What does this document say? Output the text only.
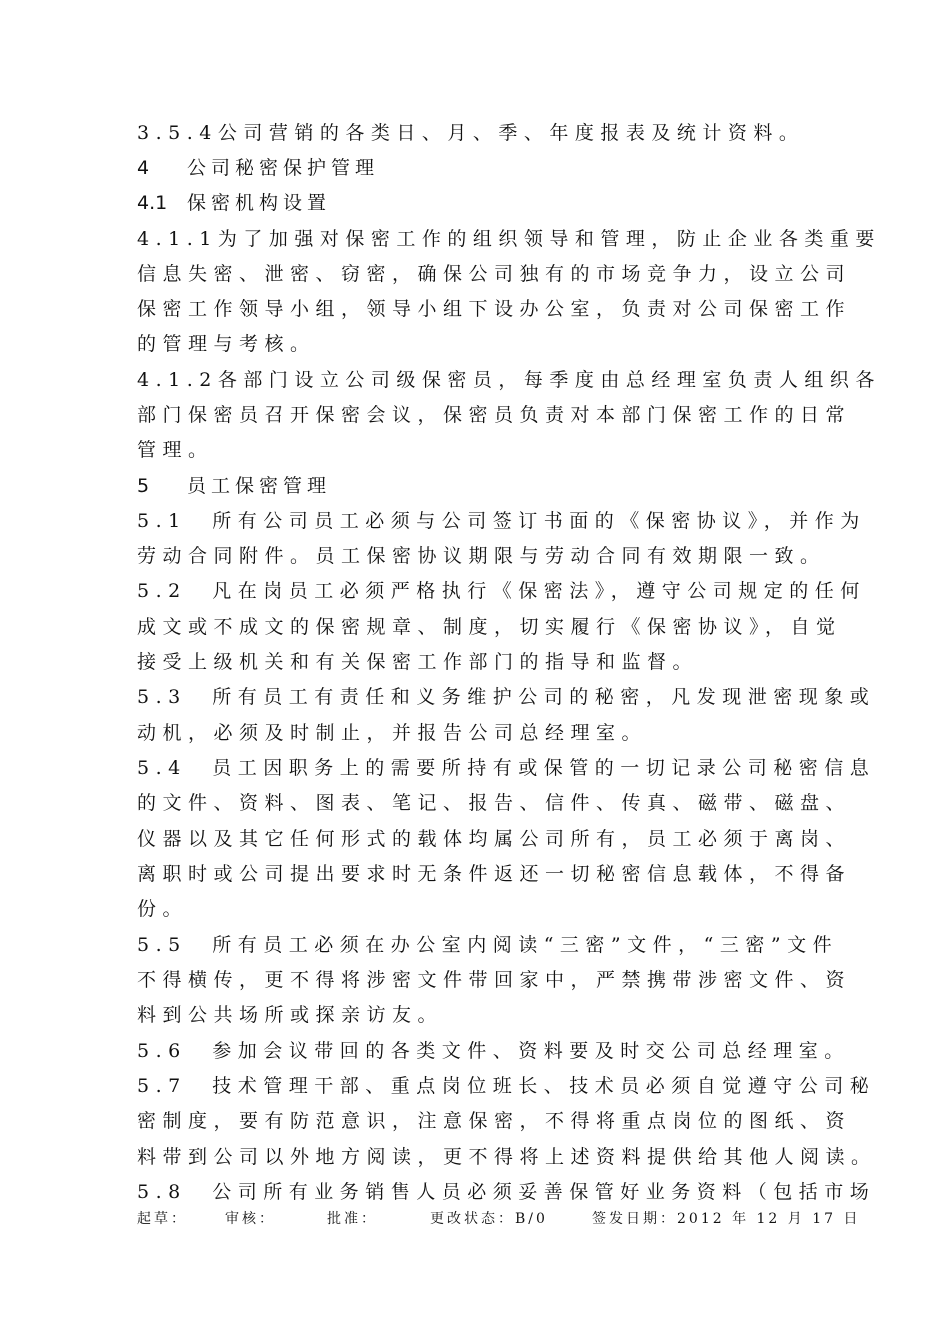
3.5.4公司营销的各类日、月、季、年度报表及统计资料。
4 公司秘密保护管理
4.1 保密机构设置
4.1.1为了加强对保密工作的组织领导和管理，防止企业各类重要
信息失密、泄密、窃密，确保公司独有的市场竞争力，设立公司
保密工作领导小组，领导小组下设办公室，负责对公司保密工作
的管理与考核。
4.1.2各部门设立公司级保密员，每季度由总经理室负责人组织各
部门保密员召开保密会议，保密员负责对本部门保密工作的日常
管理。
5 员工保密管理
5.1　所有公司员工必须与公司签订书面的《保密协议》，并作为
劳动合同附件。员工保密协议期限与劳动合同有效期限一致。
5.2　凡在岗员工必须严格执行《保密法》，遵守公司规定的任何
成文或不成文的保密规章、制度，切实履行《保密协议》，自觉
接受上级机关和有关保密工作部门的指导和监督。
5.3　所有员工有责任和义务维护公司的秘密，凡发现泄密现象或
动机，必须及时制止，并报告公司总经理室。
5.4　员工因职务上的需要所持有或保管的一切记录公司秘密信息
的文件、资料、图表、笔记、报告、信件、传真、磁带、磁盘、
仪器以及其它任何形式的载体均属公司所有，员工必须于离岗、
离职时或公司提出要求时无条件返还一切秘密信息载体，不得备
份。
5.5　所有员工必须在办公室内阅读“三密”文件，“三密”文件
不得横传，更不得将涉密文件带回家中，严禁携带涉密文件、资
料到公共场所或探亲访友。
5.6　参加会议带回的各类文件、资料要及时交公司总经理室。
5.7　技术管理干部、重点岗位班长、技术员必须自觉遵守公司秘
密制度，要有防范意识，注意保密，不得将重点岗位的图纸、资
料带到公司以外地方阅读，更不得将上述资料提供给其他人阅读。
5.8　公司所有业务销售人员必须妥善保管好业务资料（包括市场
起草：	审核：	批准：	更改状态：B/0	签发日期：2012 年 12 月 17 日
